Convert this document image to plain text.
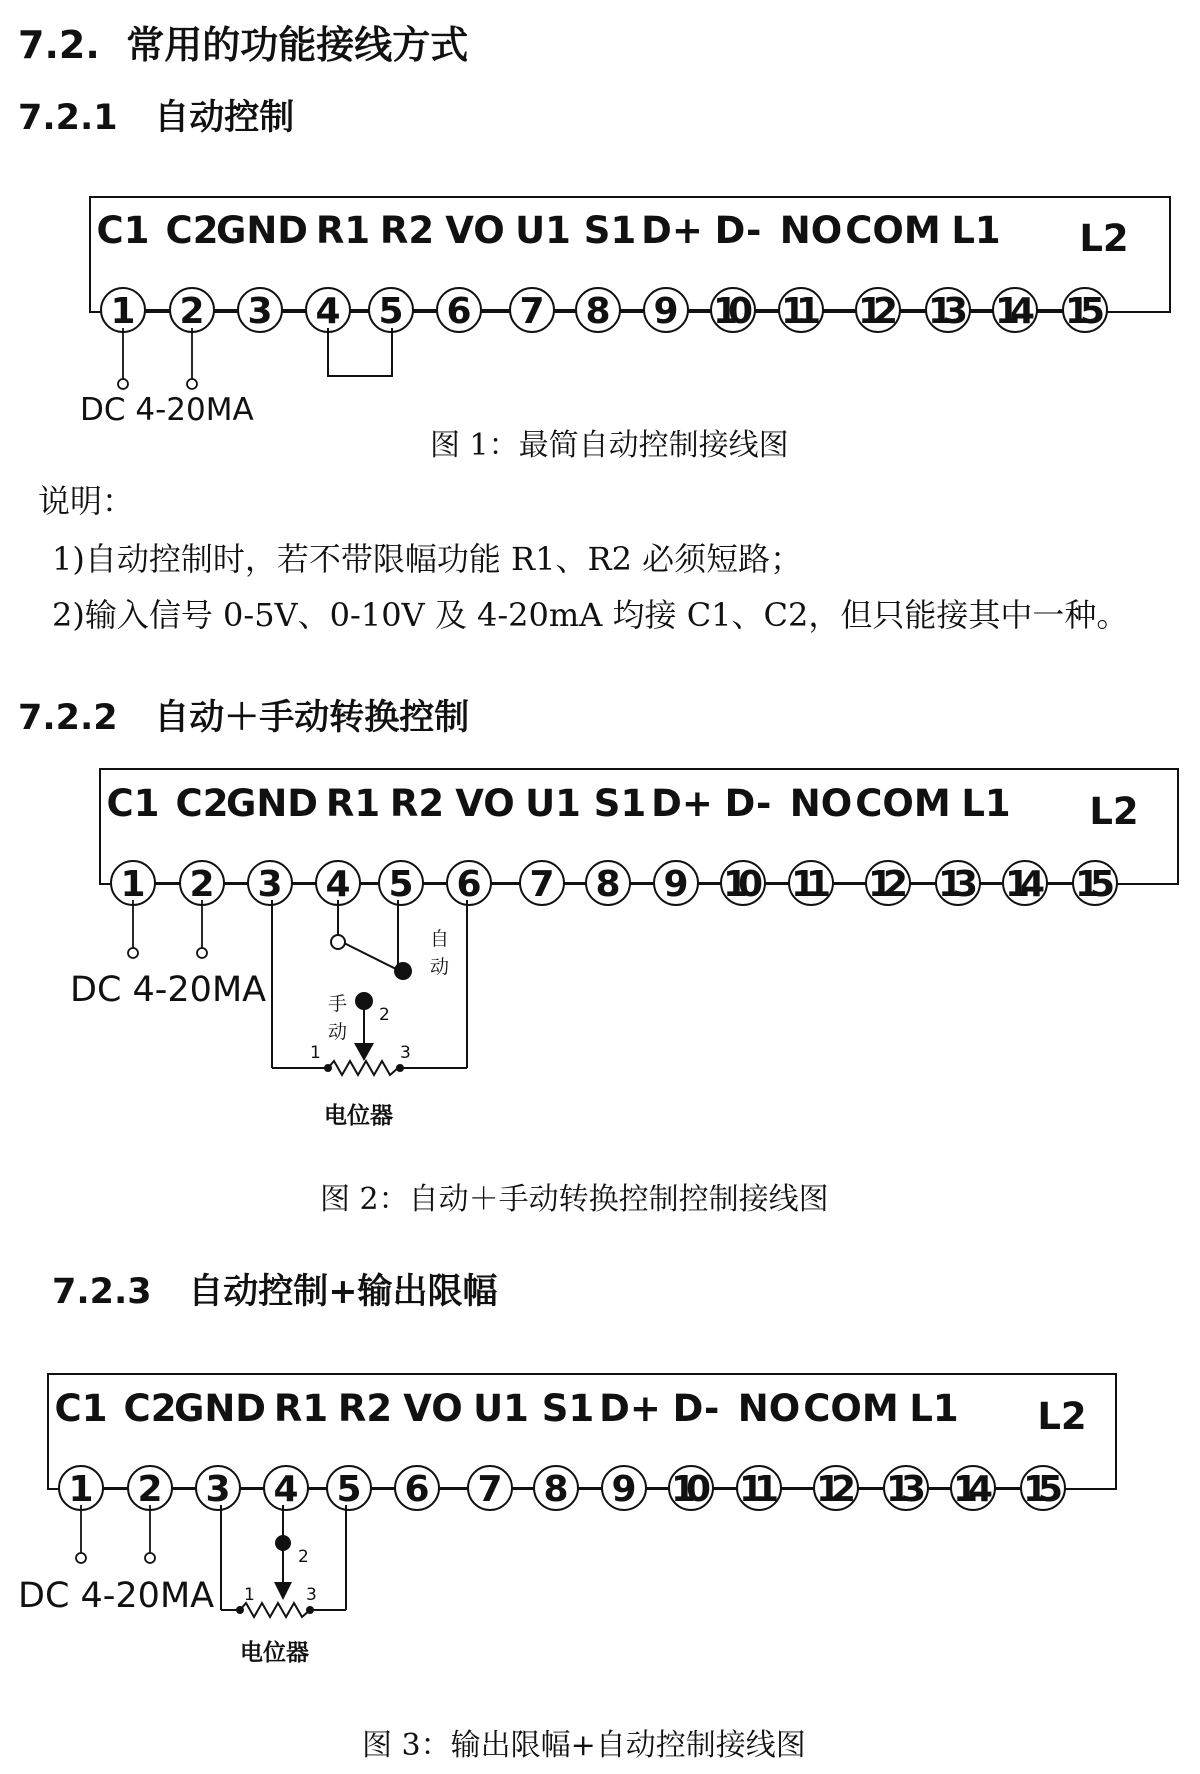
7.2. 常用的功能接线方式
7.2.1 自动控制
C1 C2
GND R1 R2 VO U1 S1 D+ D- NO COM L1 L2
1 2 3 4 5 6 7 8 9 10 11 12 13 14 15
DC 4-20MA
图 1：最简自动控制接线图
说明：
1)自动控制时，若不带限幅功能 R1、R2 必须短路；
2)输入信号 0-5V、0-10V 及 4-20mA 均接 C1、C2，但只能接其中一种。
7.2.2 自动＋手动转换控制
C1 C2
GND R1 R2 VO U1 S1 D+ D- NO COM L1 L2
1 2 3 4 5 6 7 8 9 10 11 12 13 14 15
自
动
手
动
1
2
3
电位器
DC 4-20MA
图 2：自动＋手动转换控制控制接线图
7.2.3 自动控制+输出限幅
C1 C2
GND R1 R2 VO U1 S1 D+ D- NO COM L1 L2
1 2 3 4 5 6 7 8 9 10 11 12 13 14 15
1
2
3
电位器
DC 4-20MA
图 3：输出限幅+自动控制接线图
